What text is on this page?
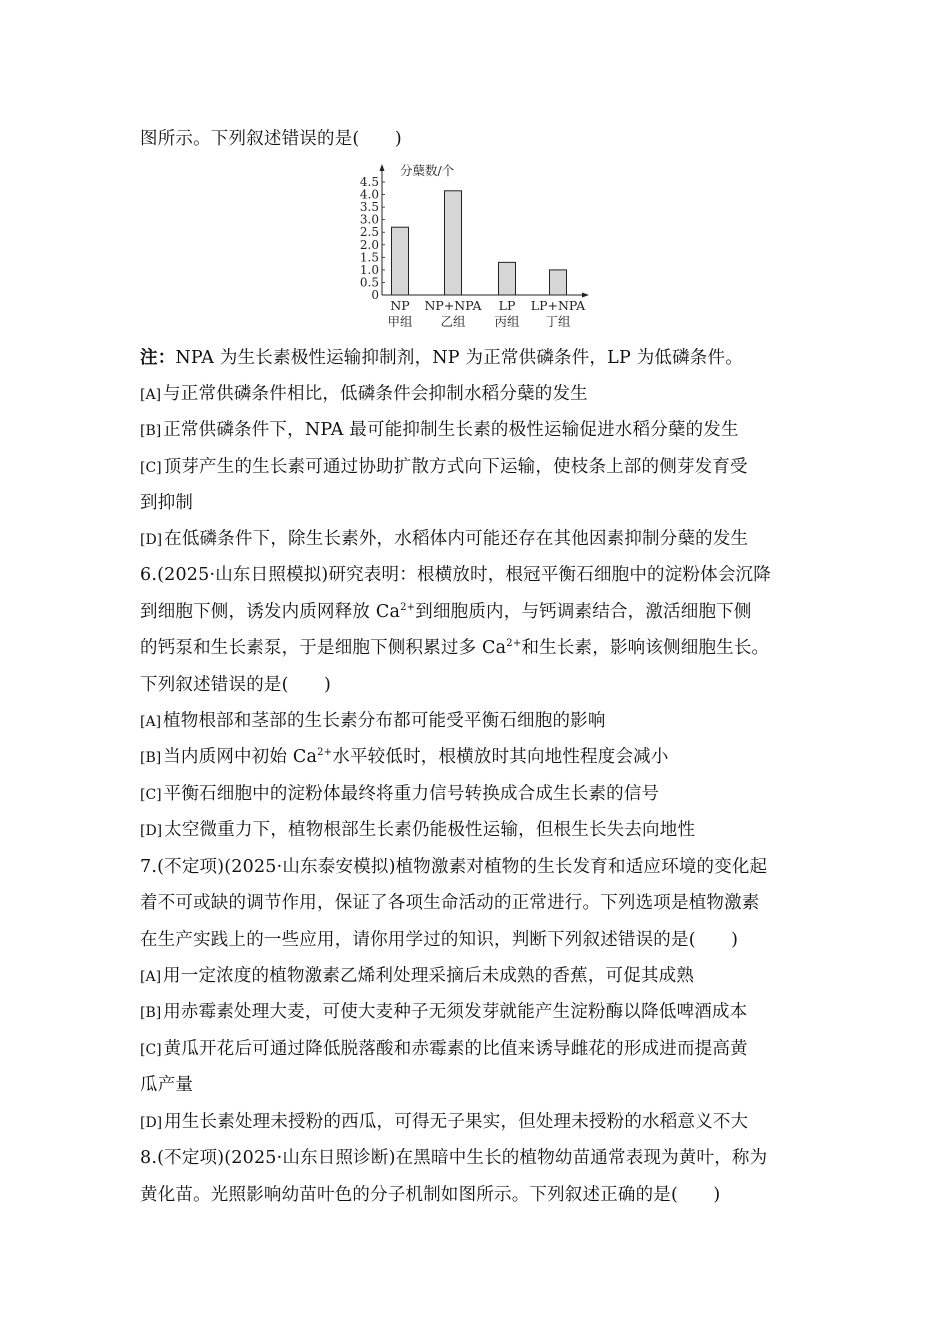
图所示。下列叙述错误的是(　　)
分蘖数/个
4.5
4.0
3.5
3.0
2.5
2.0
1.5
1.0
0.5
0
NP
甲组
NP+NPA
乙组
LP
丙组
LP+NPA
丁组
注：NPA 为生长素极性运输抑制剂，NP 为正常供磷条件，LP 为低磷条件。
[A] 与正常供磷条件相比，低磷条件会抑制水稻分蘖的发生
[B] 正常供磷条件下，NPA 最可能抑制生长素的极性运输促进水稻分蘖的发生
[C] 顶芽产生的生长素可通过协助扩散方式向下运输，使枝条上部的侧芽发育受
到抑制
[D] 在低磷条件下，除生长素外，水稻体内可能还存在其他因素抑制分蘖的发生
6.(2025·山东日照模拟)研究表明：根横放时，根冠平衡石细胞中的淀粉体会沉降
到细胞下侧，诱发内质网释放 $Ca^{2+}$到细胞质内，与钙调素结合，激活细胞下侧
的钙泵和生长素泵，于是细胞下侧积累过多 $Ca^{2+}$和生长素，影响该侧细胞生长。
下列叙述错误的是(　　)
[A] 植物根部和茎部的生长素分布都可能受平衡石细胞的影响
[B] 当内质网中初始 $Ca^{2+}$水平较低时，根横放时其向地性程度会减小
[C] 平衡石细胞中的淀粉体最终将重力信号转换成合成生长素的信号
[D] 太空微重力下，植物根部生长素仍能极性运输，但根生长失去向地性
7.(不定项)(2025·山东泰安模拟)植物激素对植物的生长发育和适应环境的变化起
着不可或缺的调节作用，保证了各项生命活动的正常进行。下列选项是植物激素
在生产实践上的一些应用，请你用学过的知识，判断下列叙述错误的是(　　)
[A] 用一定浓度的植物激素乙烯利处理采摘后未成熟的香蕉，可促其成熟
[B] 用赤霉素处理大麦，可使大麦种子无须发芽就能产生淀粉酶以降低啤酒成本
[C] 黄瓜开花后可通过降低脱落酸和赤霉素的比值来诱导雌花的形成进而提高黄
瓜产量
[D] 用生长素处理未授粉的西瓜，可得无子果实，但处理未授粉的水稻意义不大
8.(不定项)(2025·山东日照诊断)在黑暗中生长的植物幼苗通常表现为黄叶，称为
黄化苗。光照影响幼苗叶色的分子机制如图所示。下列叙述正确的是(　　)
